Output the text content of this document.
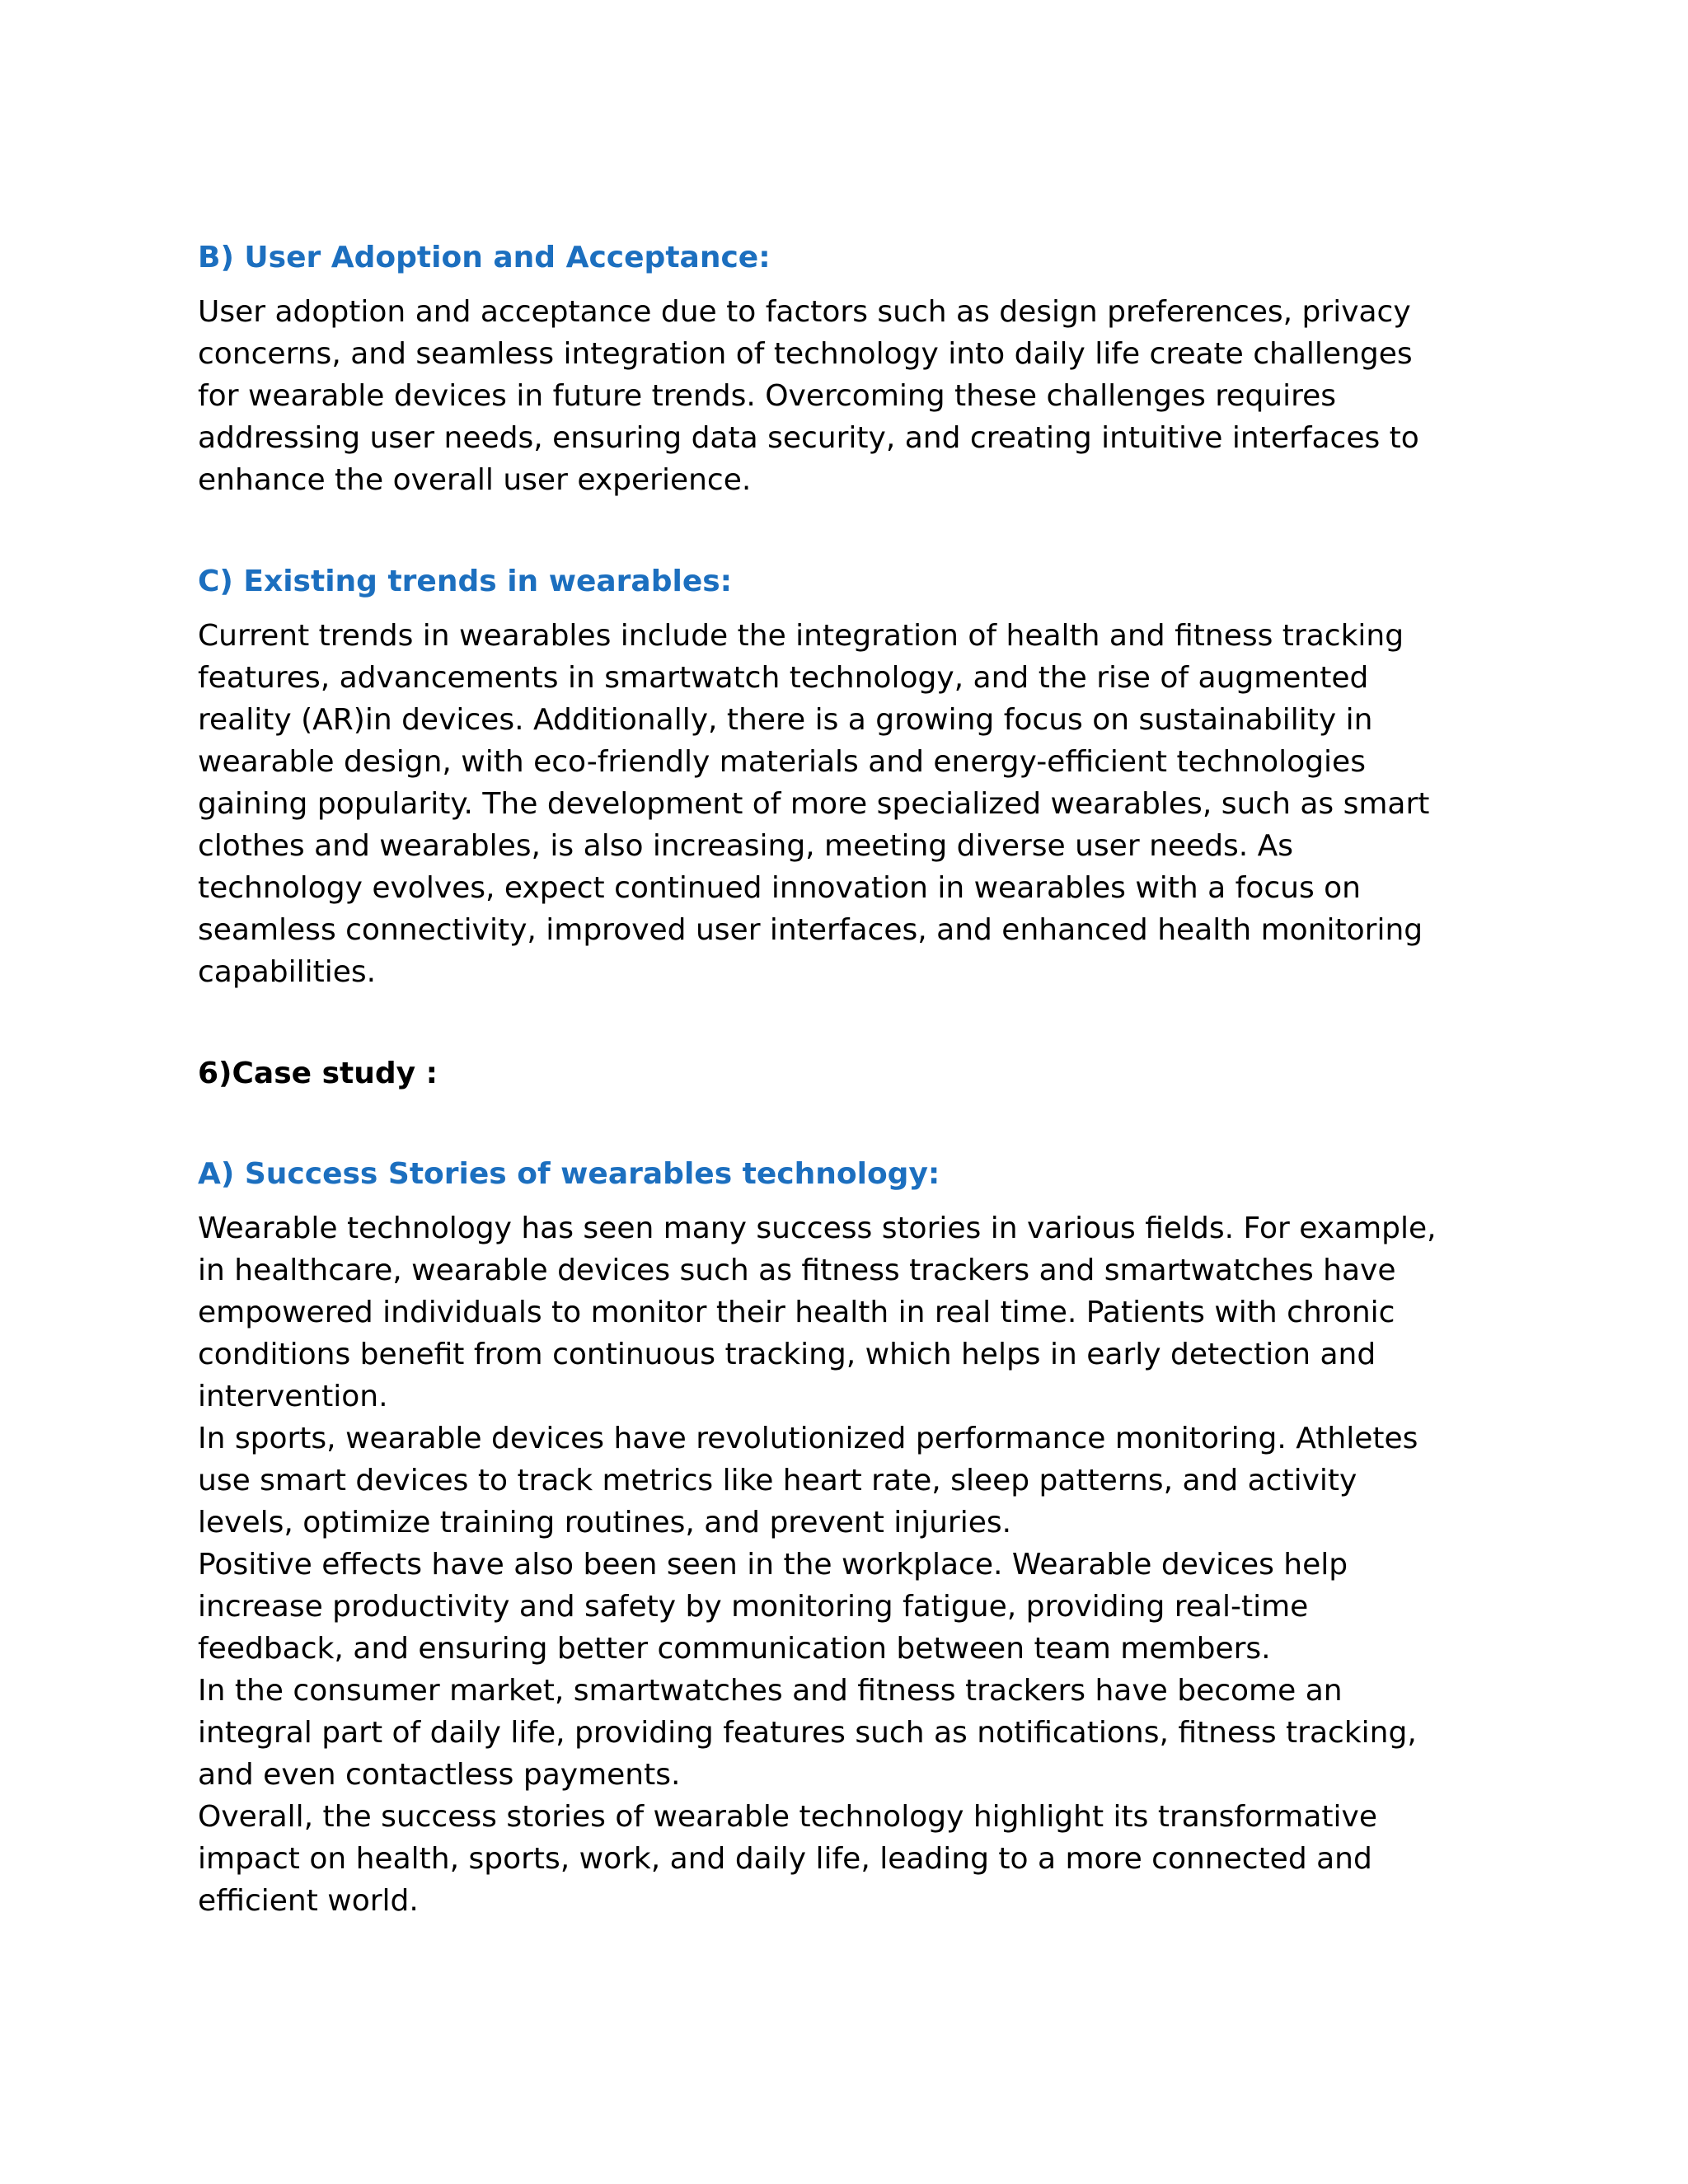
B) User Adoption and Acceptance:

User adoption and acceptance due to factors such as design preferences, privacy
concerns, and seamless integration of technology into daily life create challenges
for wearable devices in future trends. Overcoming these challenges requires
addressing user needs, ensuring data security, and creating intuitive interfaces to
enhance the overall user experience.

C) Existing trends in wearables:

Current trends in wearables include the integration of health and fitness tracking
features, advancements in smartwatch technology, and the rise of augmented
reality (AR)in devices. Additionally, there is a growing focus on sustainability in
wearable design, with eco-friendly materials and energy-efficient technologies
gaining popularity. The development of more specialized wearables, such as smart
clothes and wearables, is also increasing, meeting diverse user needs. As
technology evolves, expect continued innovation in wearables with a focus on
seamless connectivity, improved user interfaces, and enhanced health monitoring
capabilities.

6)Case study :
A) Success Stories of wearables technology:

Wearable technology has seen many success stories in various fields. For example,
in healthcare, wearable devices such as fitness trackers and smartwatches have
empowered individuals to monitor their health in real time. Patients with chronic
conditions benefit from continuous tracking, which helps in early detection and
intervention.
In sports, wearable devices have revolutionized performance monitoring. Athletes
use smart devices to track metrics like heart rate, sleep patterns, and activity
levels, optimize training routines, and prevent injuries.
Positive effects have also been seen in the workplace. Wearable devices help
increase productivity and safety by monitoring fatigue, providing real-time
feedback, and ensuring better communication between team members.
In the consumer market, smartwatches and fitness trackers have become an
integral part of daily life, providing features such as notifications, fitness tracking,
and even contactless payments.
Overall, the success stories of wearable technology highlight its transformative
impact on health, sports, work, and daily life, leading to a more connected and
efficient world.
